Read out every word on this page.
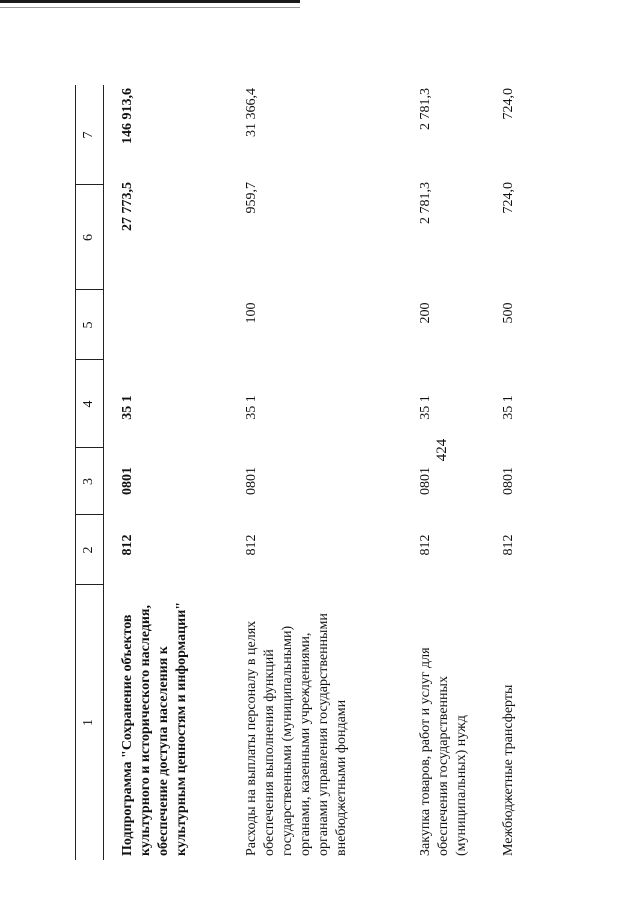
424
1
2
3
4
5
6
7
Подпрограмма "Сохранение объектов культурного и исторического наследия, обеспечение доступа населения к культурным ценностям и информации"
812
0801
35 1
27 773,5
146 913,6
Расходы на выплаты персоналу в целях обеспечения выполнения функций государственными (муниципальными) органами, казенными учреждениями, органами управления государственными внебюджетными фондами
812
0801
35 1
100
959,7
31 366,4
Закупка товаров, работ и услуг для обеспечения государственных (муниципальных) нужд
812
0801
35 1
200
2 781,3
2 781,3
Межбюджетные трансферты
812
0801
35 1
500
724,0
724,0
